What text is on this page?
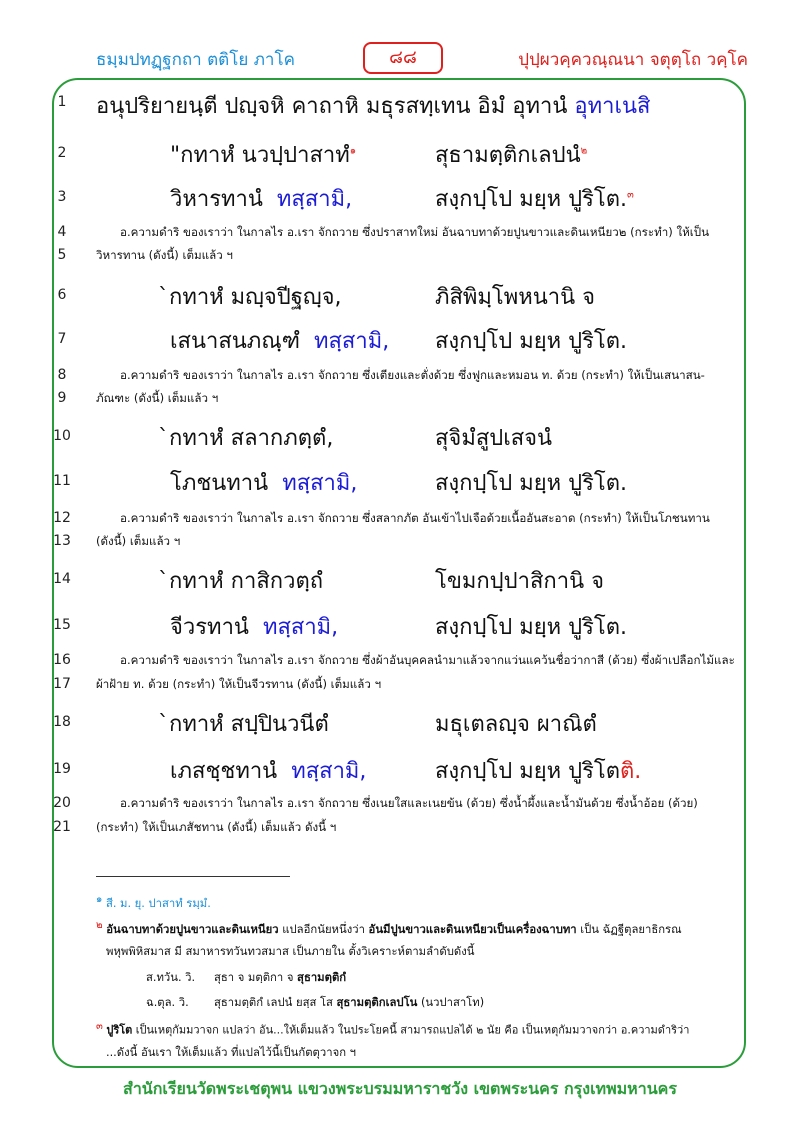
ธมฺมปทฏฺฐกถา ตติโย ภาโค	๘๘	ปุปฺผวคฺควณฺณนา จตุตฺโถ วคฺโค
1	อนุปริยายนฺตี ปญฺจหิ คาถาหิ มธุรสทฺเทน อิมํ อุทานํ อุทาเนสิ
2	"กทาหํ นวปฺปาสาทํ$^๑$	สุธามตฺติกเลปนํ$^๒$
3	วิหารทานํ ทสฺสามิ,	สงฺกปฺโป มยฺห ปูริโต.$^๓$
4	อ.ความดำริ ของเราว่า ในกาลไร อ.เรา จักถวาย ซึ่งปราสาทใหม่ อันฉาบทาด้วยปูนขาวและดินเหนียว๒ (กระทำ) ให้เป็น
5	วิหารทาน (ดังนี้) เต็มแล้ว ฯ
6	`กทาหํ มญฺจปีฐญฺจ,	ภิสิพิมฺโพหนานิ จ
7	เสนาสนภณฺฑํ ทสฺสามิ, สงฺกปฺโป มยฺห ปูริโต.
8	อ.ความดำริ ของเราว่า ในกาลไร อ.เรา จักถวาย ซึ่งเตียงและตั่งด้วย ซึ่งฟูกและหมอน ท. ด้วย (กระทำ) ให้เป็นเสนาสน-
9	ภัณฑะ (ดังนี้) เต็มแล้ว ฯ
10	`กทาหํ สลากภตฺตํ,	สุจิมํสูปเสจนํ
11	โภชนทานํ ทสฺสามิ,	สงฺกปฺโป มยฺห ปูริโต.
12	อ.ความดำริ ของเราว่า ในกาลไร อ.เรา จักถวาย ซึ่งสลากภัต อันเข้าไปเจือด้วยเนื้ออันสะอาด (กระทำ) ให้เป็นโภชนทาน
13 (ดังนี้) เต็มแล้ว ฯ
14	`กทาหํ กาสิกวตฺถํ	โขมกปฺปาสิกานิ จ
15	จีวรทานํ ทสฺสามิ,	สงฺกปฺโป มยฺห ปูริโต.
16	อ.ความดำริ ของเราว่า ในกาลไร อ.เรา จักถวาย ซึ่งผ้าอันบุคคลนำมาแล้วจากแว่นแคว้นชื่อว่ากาสี (ด้วย) ซึ่งผ้าเปลือกไม้และ
17 ผ้าฝ้าย ท. ด้วย (กระทำ) ให้เป็นจีวรทาน (ดังนี้) เต็มแล้ว ฯ
18	`กทาหํ สปฺปินวนีตํ	มธุเตลญฺจ ผาณิตํ
19	เภสชฺชทานํ ทสฺสามิ,	สงฺกปฺโป มยฺห ปูริโตติ.
20	อ.ความดำริ ของเราว่า ในกาลไร อ.เรา จักถวาย ซึ่งเนยใสและเนยข้น (ด้วย) ซึ่งน้ำผึ้งและน้ำมันด้วย ซึ่งน้ำอ้อย (ด้วย)
21 (กระทำ) ให้เป็นเภสัชทาน (ดังนี้) เต็มแล้ว ดังนี้ ฯ
$^๑$ สี. ม. ยุ. ปาสาทํ รมฺมํ.
$^๒$ อันฉาบทาด้วยปูนขาวและดินเหนียว แปลอีกนัยหนึ่งว่า อันมีปูนขาวและดินเหนียวเป็นเครื่องฉาบทา เป็น ฉัฏฐีตุลยาธิกรณ
พหุพพิหิสมาส มี สมาหารทวันทวสมาส เป็นภายใน ตั้งวิเคราะห์ตามลำดับดังนี้
ส.ทวัน. วิ. สุธา จ มตฺติกา จ สุธามตฺติกํ
ฉ.ตุล. วิ. สุธามตฺติกํ เลปนํ ยสฺส โส สุธามตฺติกเลปโน (นวปาสาโท)
$^๓$ ปูริโต เป็นเหตุกัมมวาจก แปลว่า อัน...ให้เต็มแล้ว ในประโยคนี้ สามารถแปลได้ ๒ นัย คือ เป็นเหตุกัมมวาจกว่า อ.ความดำริว่า
...ดังนี้ อันเรา ให้เต็มแล้ว ที่แปลไว้นี้เป็นกัตตุวาจก ฯ
สำนักเรียนวัดพระเชตุพน แขวงพระบรมมหาราชวัง เขตพระนคร กรุงเทพมหานคร
